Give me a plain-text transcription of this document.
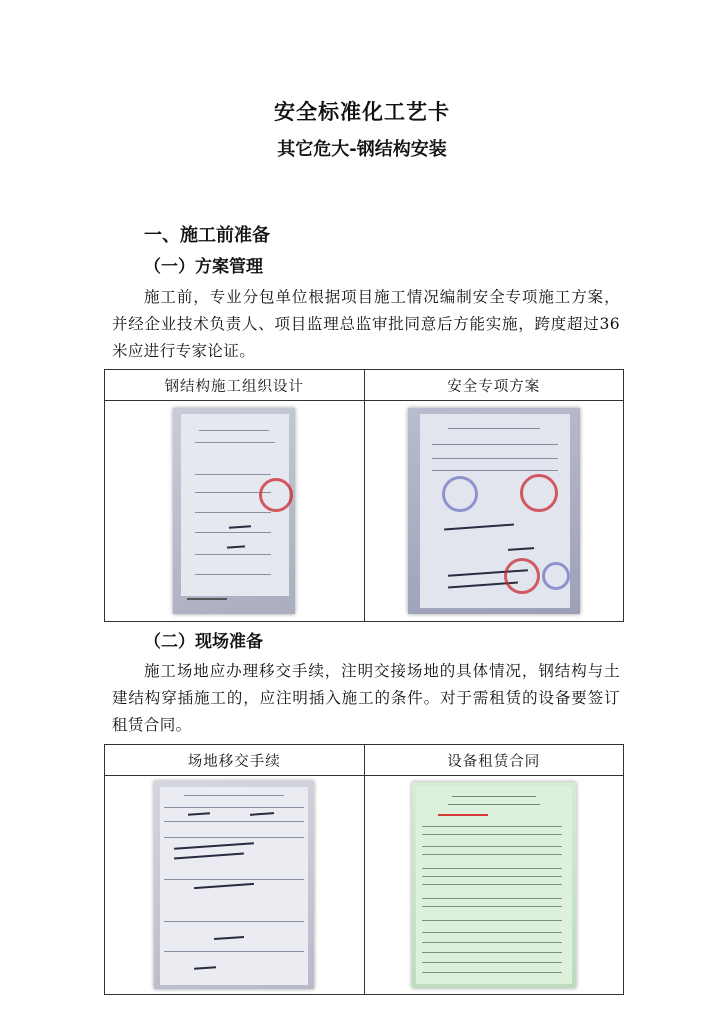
安全标准化工艺卡
其它危大-钢结构安装
一、施工前准备
（一）方案管理
施工前，专业分包单位根据项目施工情况编制安全专项施工方案，并经企业技术负责人、项目监理总监审批同意后方能实施，跨度超过36米应进行专家论证。
钢结构施工组织设计	安全专项方案

（二）现场准备
施工场地应办理移交手续，注明交接场地的具体情况，钢结构与土建结构穿插施工的，应注明插入施工的条件。对于需租赁的设备要签订租赁合同。
场地移交手续	设备租赁合同
